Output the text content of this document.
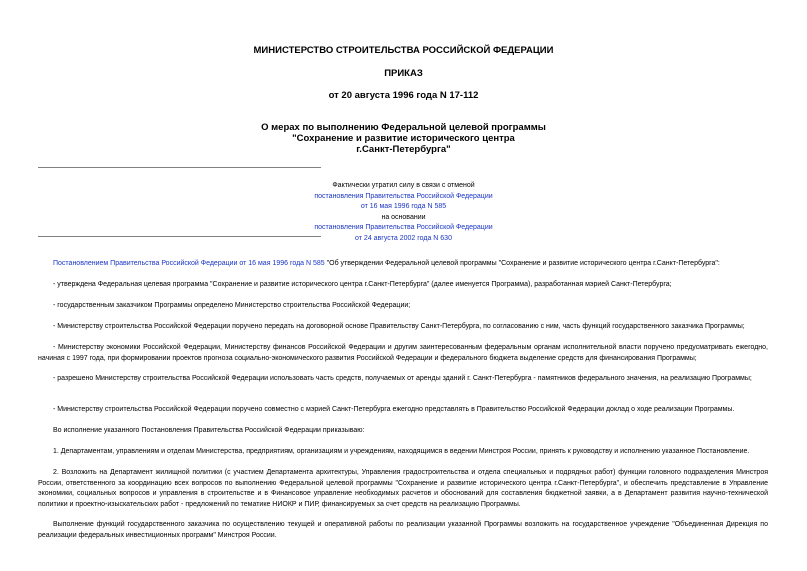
МИНИСТЕРСТВО СТРОИТЕЛЬСТВА РОССИЙСКОЙ ФЕДЕРАЦИИ
ПРИКАЗ
от 20 августа 1996 года N 17-112
О мерах по выполнению Федеральной целевой программы
"Сохранение и развитие исторического центра
г.Санкт-Петербурга"
Фактически утратил силу в связи с отменой
постановления Правительства Российской Федерации
от 16 мая 1996 года N 585
на основании
постановления Правительства Российской Федерации
от 24 августа 2002 года N 630

Постановлением Правительства Российской Федерации от 16 мая 1996 года N 585 "Об утверждении Федеральной целевой программы "Сохранение и развитие исторического центра г.Санкт-Петербурга":

- утверждена Федеральная целевая программа "Сохранение и развитие исторического центра г.Санкт-Петербурга" (далее именуется Программа), разработанная мэрией Санкт-Петербурга;

- государственным заказчиком Программы определено Министерство строительства Российской Федерации;

- Министерству строительства Российской Федерации поручено передать на договорной основе Правительству Санкт-Петербурга, по согласованию с ним, часть функций государственного заказчика Программы;

- Министерству экономики Российской Федерации, Министерству финансов Российской Федерации и другим заинтересованным федеральным органам исполнительной власти поручено предусматривать ежегодно, начиная с 1997 года, при формировании проектов прогноза социально-экономического развития Российской Федерации и федерального бюджета выделение средств для финансирования Программы;

- разрешено Министерству строительства Российской Федерации использовать часть средств, получаемых от аренды зданий г. Санкт-Петербурга - памятников федерального значения, на реализацию Программы;

- Министерству строительства Российской Федерации поручено совместно с мэрией Санкт-Петербурга ежегодно представлять в Правительство Российской Федерации доклад о ходе реализации Программы.

Во исполнение указанного Постановления Правительства Российской Федерации приказываю:

1. Департаментам, управлениям и отделам Министерства, предприятиям, организациям и учреждениям, находящимся в ведении Минстроя России, принять к руководству и исполнению указанное Постановление.

2. Возложить на Департамент жилищной политики (с участием Департамента архитектуры, Управления градостроительства и отдела специальных и подрядных работ) функции головного подразделения Минстроя России, ответственного за координацию всех вопросов по выполнению Федеральной целевой программы "Сохранение и развитие исторического центра г.Санкт-Петербурга", и обеспечить представление в Управление экономики, социальных вопросов и управления в строительстве и в Финансовое управление необходимых расчетов и обоснований для составления бюджетной заявки, а в Департамент развития научно-технической политики и проектно-изыскательских работ - предложений по тематике НИОКР и ПИР, финансируемых за счет средств на реализацию Программы.

Выполнение функций государственного заказчика по осуществлению текущей и оперативной работы по реализации указанной Программы возложить на государственное учреждение "Объединенная Дирекция по реализации федеральных инвестиционных программ" Минстроя России.
